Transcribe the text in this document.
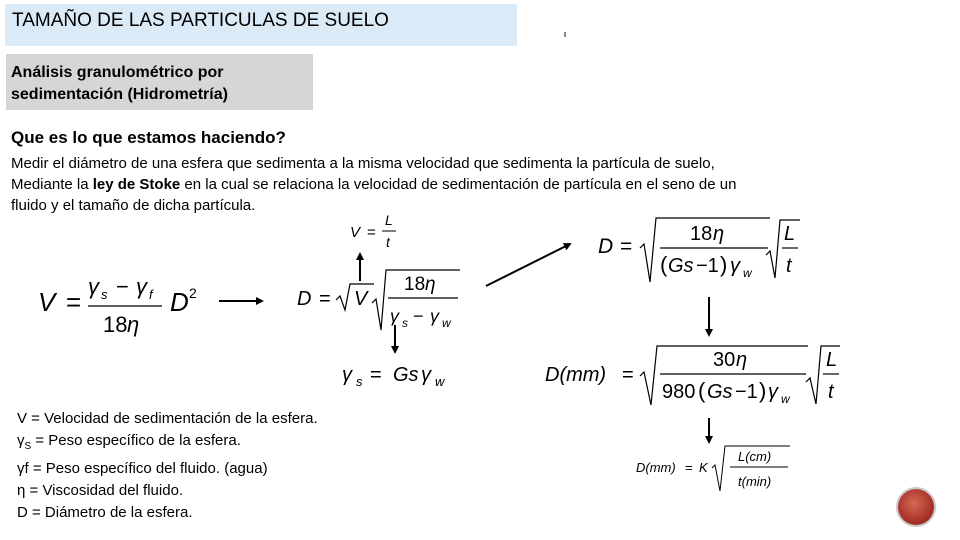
TAMAÑO DE LAS PARTICULAS DE SUELO
Análisis granulométrico por sedimentación (Hidrometría)
Que es lo que estamos haciendo?
Medir el diámetro de una esfera que sedimenta a la misma velocidad que sedimenta la partícula de suelo,
Mediante la ley de Stoke en la cual se relaciona la velocidad de sedimentación de partícula en el seno de un
fluido y el tamaño de dicha partícula.
V =
γ s − γ f
18 η
D 2
V =
L
t
D = V
18 η
γ s − γ w
γ s = Gs γ w
D =
18 η
( Gs −1 ) γ w
L
t
D(mm) =
30 η
980 ( Gs −1 ) γ w
L
t
D(mm) = K
L(cm)
t(min)
V = Velocidad de sedimentación de la esfera.
$\gamma_S$ = Peso específico de la esfera.
γf = Peso específico del fluido. (agua)
η = Viscosidad del fluido.
D = Diámetro de la esfera.
